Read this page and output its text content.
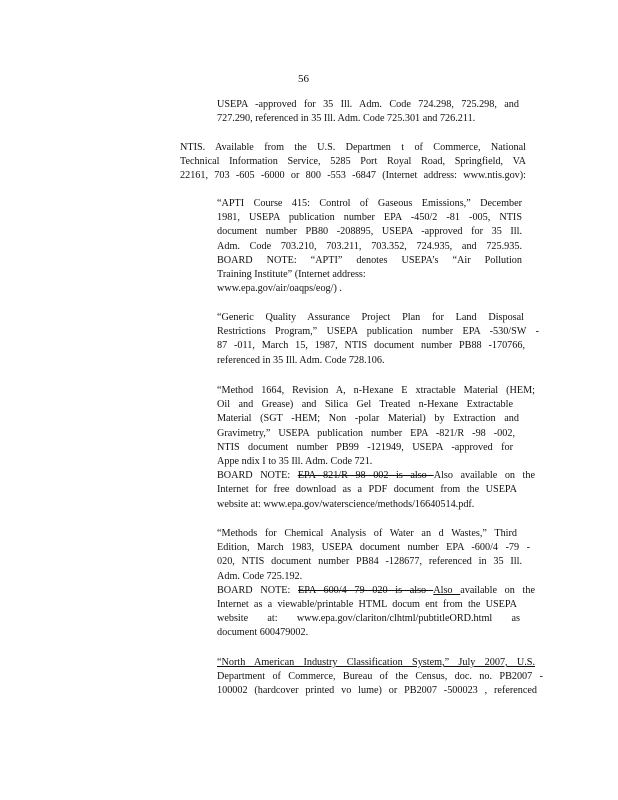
56
USEPA -approved for 35 Ill. Adm. Code 724.298, 725.298, and
727.290, referenced in 35 Ill. Adm. Code 725.301 and 726.211.
NTIS. Available from the U.S. Departmen t of Commerce, National
Technical Information Service, 5285 Port Royal Road, Springfield, VA
22161, 703 -605 -6000 or 800 -553 -6847 (Internet address: www.ntis.gov):
“APTI Course 415: Control of Gaseous Emissions,” December
1981, USEPA publication number EPA -450/2 -81 -005, NTIS
document number PB80 -208895, USEPA -approved for 35 Ill.
Adm. Code 703.210, 703.211, 703.352, 724.935, and 725.935.
BOARD NOTE: “APTI” denotes USEPA’s “Air Pollution
Training Institute” (Internet address:
www.epa.gov/air/oaqps/eog/) .
“Generic Quality Assurance Project Plan for Land Disposal
Restrictions Program,” USEPA publication number EPA -530/SW -
87 -011, March 15, 1987, NTIS document number PB88 -170766,
referenced in 35 Ill. Adm. Code 728.106.
“Method 1664, Revision A, n-Hexane E xtractable Material (HEM;
Oil and Grease) and Silica Gel Treated n-Hexane Extractable
Material (SGT -HEM; Non -polar Material) by Extraction and
Gravimetry,” USEPA publication number EPA -821/R -98 -002,
NTIS document number PB99 -121949, USEPA -approved for
Appe ndix I to 35 Ill. Adm. Code 721.
BOARD NOTE: EPA 821/R 98 002 is also Also available on the
Internet for free download as a PDF document from the USEPA
website at: www.epa.gov/waterscience/methods/16640514.pdf.
“Methods for Chemical Analysis of Water an d Wastes,” Third
Edition, March 1983, USEPA document number EPA -600/4 -79 -
020, NTIS document number PB84 -128677, referenced in 35 Ill.
Adm. Code 725.192.
BOARD NOTE: EPA 600/4 79 020 is also Also available on the
Internet as a viewable/printable HTML docum ent from the USEPA
website at: www.epa.gov/clariton/clhtml/pubtitleORD.html as
document 600479002.
“North American Industry Classification System,” July 2007, U.S.
Department of Commerce, Bureau of the Census, doc. no. PB2007 -
100002 (hardcover printed vo lume) or PB2007 -500023 , referenced
